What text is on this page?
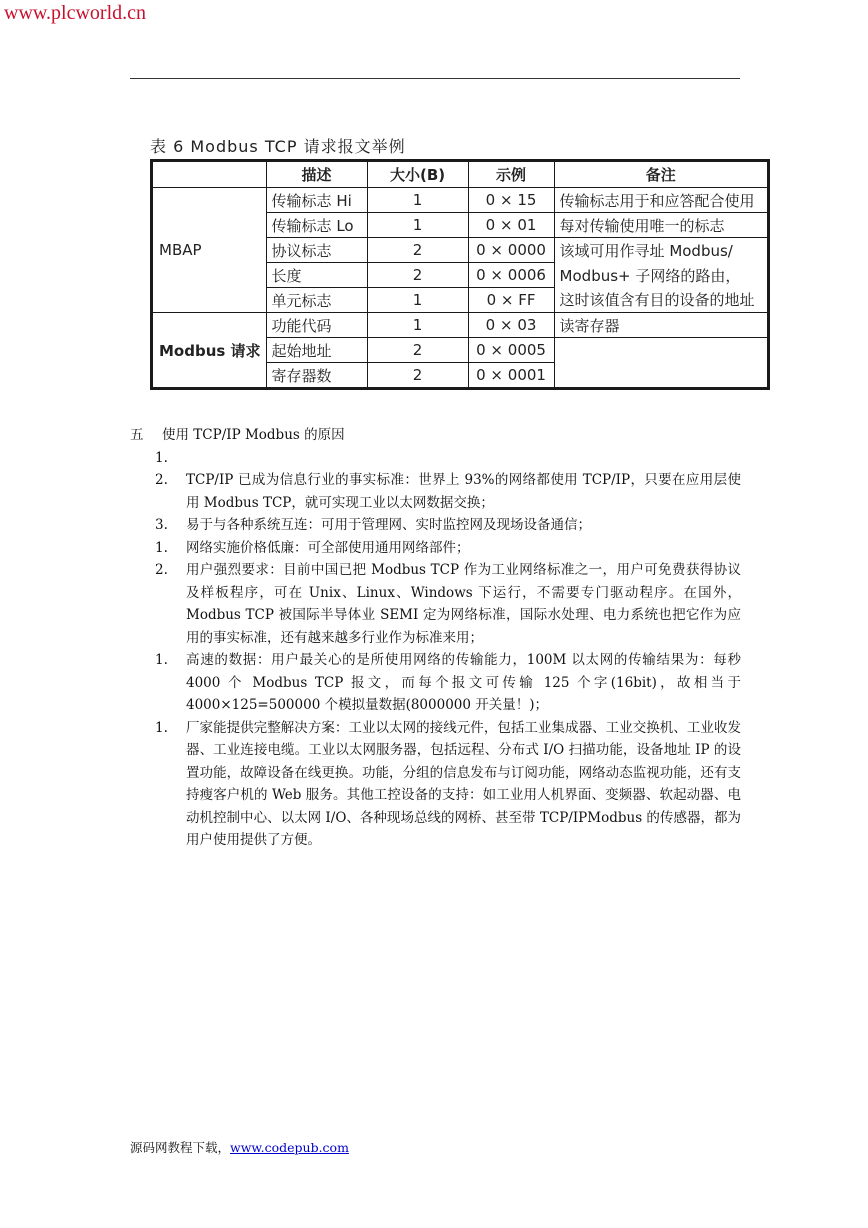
www.plcworld.cn
表 6 Modbus TCP 请求报文举例
	描述	大小(B)	示例	备注
MBAP	传输标志 Hi	1	0 × 15	传输标志用于和应答配合使用
	传输标志 Lo	1	0 × 01	每对传输使用唯一的标志
	协议标志	2	0 × 0000	该域可用作寻址 Modbus/
	长度	2	0 × 0006	Modbus+ 子网络的路由，
	单元标志	1	0 × FF	这时该值含有目的设备的地址
Modbus 请求	功能代码	1	0 × 03	读寄存器
	起始地址	2	0 × 0005	
	寄存器数	2	0 × 0001	
五 使用 TCP/IP Modbus 的原因
1.

2. TCP/IP 已成为信息行业的事实标准：世界上 93%的网络都使用 TCP/IP，只要在应用层使用 Modbus TCP，就可实现工业以太网数据交换；
3. 易于与各种系统互连：可用于管理网、实时监控网及现场设备通信；
1. 网络实施价格低廉：可全部使用通用网络部件；
2. 用户强烈要求：目前中国已把 Modbus TCP 作为工业网络标准之一，用户可免费获得协议及样板程序，可在 Unix、Linux、Windows 下运行，不需要专门驱动程序。在国外，Modbus TCP 被国际半导体业 SEMI 定为网络标准，国际水处理、电力系统也把它作为应用的事实标准，还有越来越多行业作为标准来用；
1. 高速的数据：用户最关心的是所使用网络的传输能力，100M 以太网的传输结果为：每秒 4000 个 Modbus TCP 报文，而每个报文可传输 125 个字(16bit)，故相当于 4000×125=500000 个模拟量数据(8000000 开关量！)；
1. 厂家能提供完整解决方案：工业以太网的接线元件，包括工业集成器、工业交换机、工业收发器、工业连接电缆。工业以太网服务器，包括远程、分布式 I/O 扫描功能，设备地址 IP 的设置功能，故障设备在线更换。功能，分组的信息发布与订阅功能，网络动态监视功能，还有支持瘦客户机的 Web 服务。其他工控设备的支持：如工业用人机界面、变频器、软起动器、电动机控制中心、以太网 I/O、各种现场总线的网桥、甚至带 TCP/IPModbus 的传感器，都为用户使用提供了方便。
源码网教程下载，www.codepub.com
